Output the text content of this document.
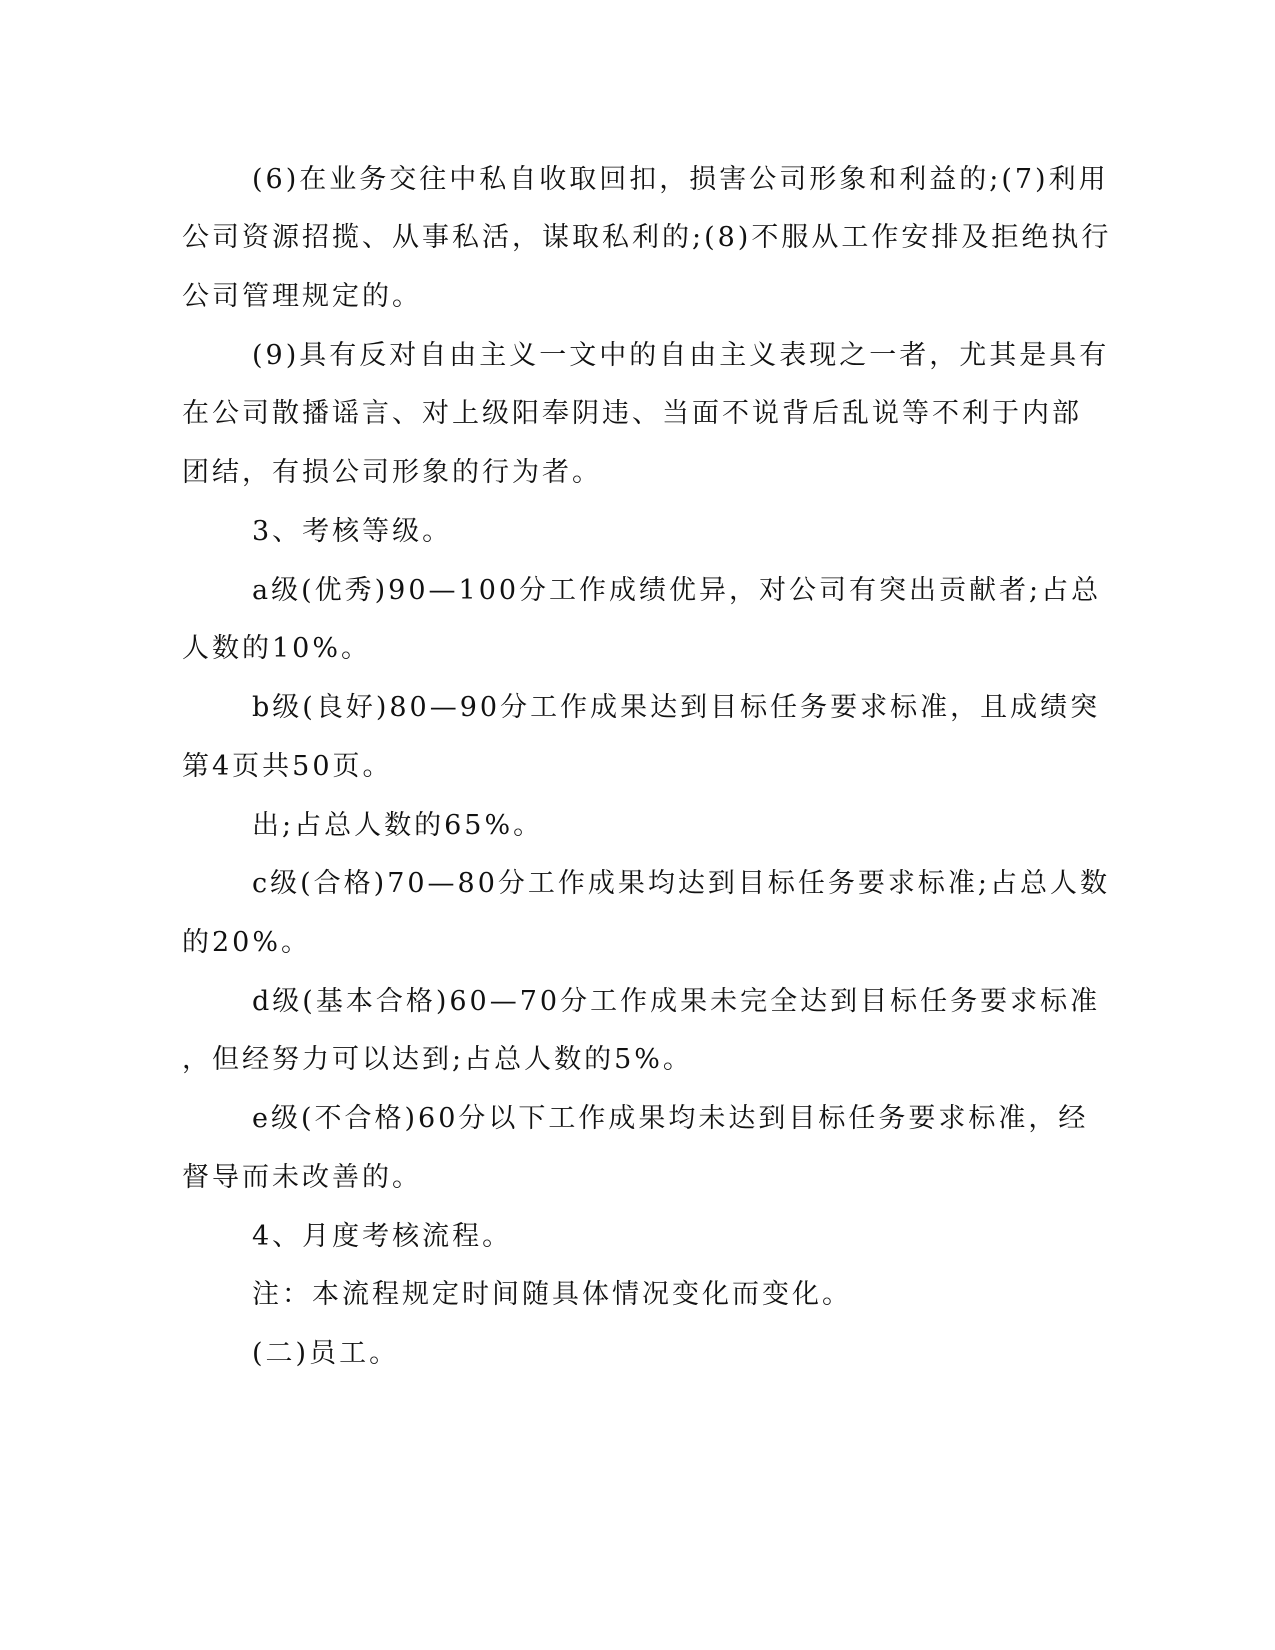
(6)在业务交往中私自收取回扣，损害公司形象和利益的;(7)利用
公司资源招揽、从事私活，谋取私利的;(8)不服从工作安排及拒绝执行
公司管理规定的。
(9)具有反对自由主义一文中的自由主义表现之一者，尤其是具有
在公司散播谣言、对上级阳奉阴违、当面不说背后乱说等不利于内部
团结，有损公司形象的行为者。
3、考核等级。
a级(优秀)90—100分工作成绩优异，对公司有突出贡献者;占总
人数的10%。
b级(良好)80—90分工作成果达到目标任务要求标准，且成绩突
第4页共50页。
出;占总人数的65%。
c级(合格)70—80分工作成果均达到目标任务要求标准;占总人数
的20%。
d级(基本合格)60—70分工作成果未完全达到目标任务要求标准
，但经努力可以达到;占总人数的5%。
e级(不合格)60分以下工作成果均未达到目标任务要求标准，经
督导而未改善的。
4、月度考核流程。
注：本流程规定时间随具体情况变化而变化。
(二)员工。
